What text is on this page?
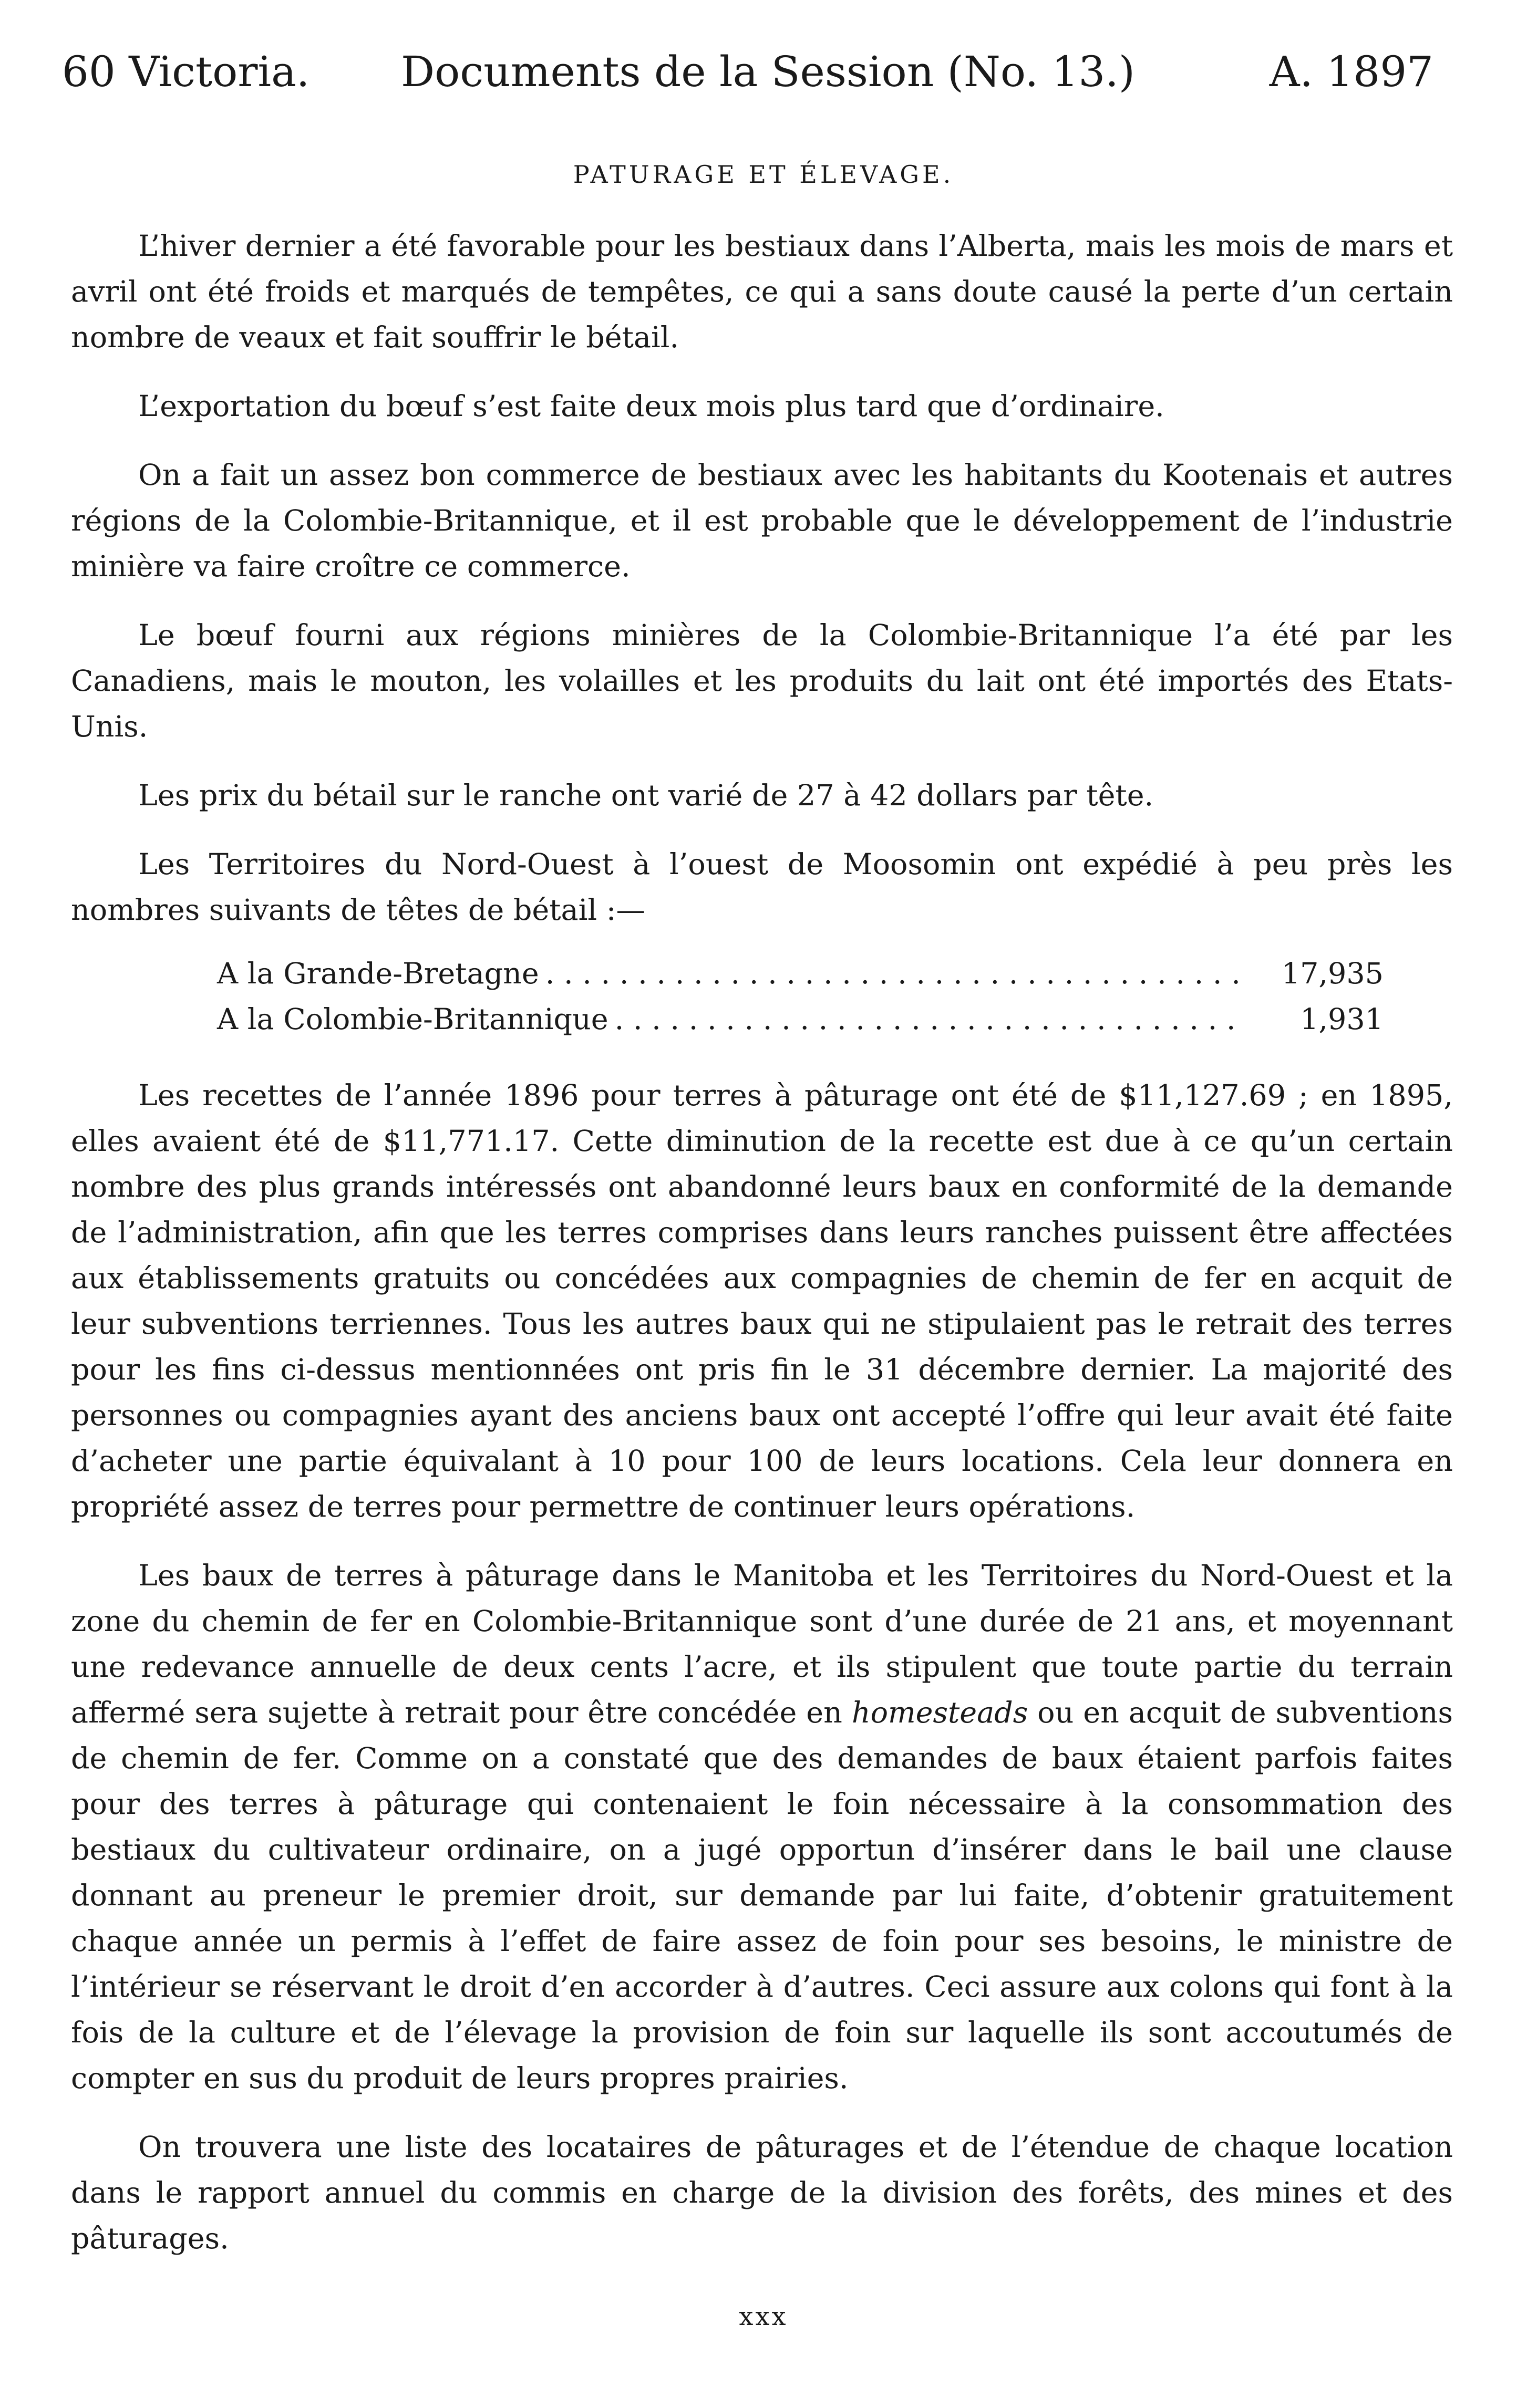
60 Victoria. Documents de la Session (No. 13.)	A. 1897
PATURAGE ET ÉLEVAGE.

L’hiver dernier a été favorable pour les bestiaux dans l’Alberta, mais les mois de mars et avril ont été froids et marqués de tempêtes, ce qui a sans doute causé la perte d’un certain nombre de veaux et fait souffrir le bétail.

L’exportation du bœuf s’est faite deux mois plus tard que d’ordinaire.

On a fait un assez bon commerce de bestiaux avec les habitants du Kootenais et autres régions de la Colombie-Britannique, et il est probable que le développement de l’industrie minière va faire croître ce commerce.

Le bœuf fourni aux régions minières de la Colombie-Britannique l’a été par les Canadiens, mais le mouton, les volailles et les produits du lait ont été importés des Etats-Unis.

Les prix du bétail sur le ranche ont varié de 27 à 42 dollars par tête.

Les Territoires du Nord-Ouest à l’ouest de Moosomin ont expédié à peu près les nombres suivants de têtes de bétail :—

A la Grande-Bretagne . . .	17,935
A la Colombie-Britannique . . .	1,931

Les recettes de l’année 1896 pour terres à pâturage ont été de $11,127.69 ; en 1895, elles avaient été de $11,771.17. Cette diminution de la recette est due à ce qu’un certain nombre des plus grands intéressés ont abandonné leurs baux en conformité de la demande de l’administration, afin que les terres comprises dans leurs ranches puissent être affectées aux établissements gratuits ou concédées aux compagnies de chemin de fer en acquit de leur subventions terriennes. Tous les autres baux qui ne stipulaient pas le retrait des terres pour les fins ci-dessus mentionnées ont pris fin le 31 décembre dernier. La majorité des personnes ou compagnies ayant des anciens baux ont accepté l’offre qui leur avait été faite d’acheter une partie équivalant à 10 pour 100 de leurs locations. Cela leur donnera en propriété assez de terres pour permettre de continuer leurs opérations.

Les baux de terres à pâturage dans le Manitoba et les Territoires du Nord-Ouest et la zone du chemin de fer en Colombie-Britannique sont d’une durée de 21 ans, et moyennant une redevance annuelle de deux cents l’acre, et ils stipulent que toute partie du terrain affermé sera sujette à retrait pour être concédée en homesteads ou en acquit de subventions de chemin de fer. Comme on a constaté que des demandes de baux étaient parfois faites pour des terres à pâturage qui contenaient le foin nécessaire à la consommation des bestiaux du cultivateur ordinaire, on a jugé opportun d’insérer dans le bail une clause donnant au preneur le premier droit, sur demande par lui faite, d’obtenir gratuitement chaque année un permis à l’effet de faire assez de foin pour ses besoins, le ministre de l’intérieur se réservant le droit d’en accorder à d’autres. Ceci assure aux colons qui font à la fois de la culture et de l’élevage la provision de foin sur laquelle ils sont accoutumés de compter en sus du produit de leurs propres prairies.

On trouvera une liste des locataires de pâturages et de l’étendue de chaque location dans le rapport annuel du commis en charge de la division des forêts, des mines et des pâturages.

xxx
